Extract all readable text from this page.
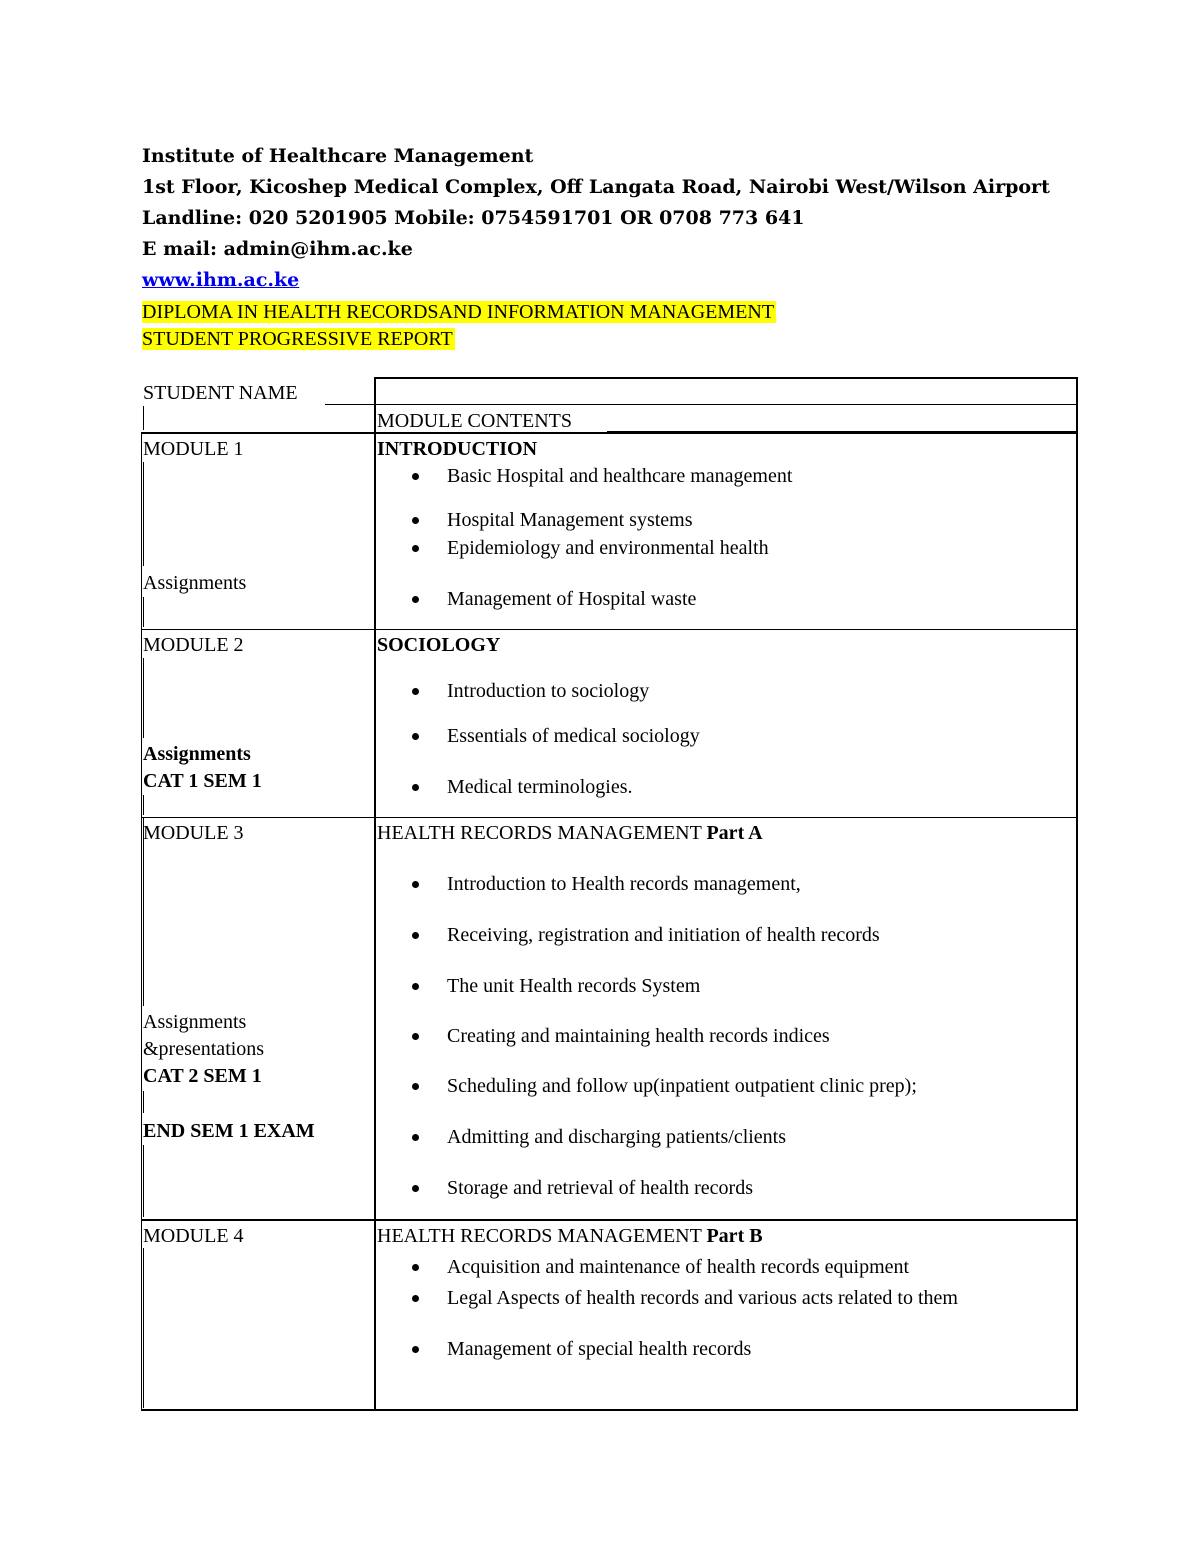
Institute of Healthcare Management
1st Floor, Kicoshep Medical Complex, Off Langata Road, Nairobi West/Wilson Airport
Landline: 020 5201905 Mobile: 0754591701 OR 0708 773 641
E mail: admin@ihm.ac.ke
www.ihm.ac.ke
DIPLOMA IN HEALTH RECORDSAND INFORMATION MANAGEMENT
STUDENT PROGRESSIVE REPORT
STUDENT NAME
MODULE CONTENTS
MODULE 1
Assignments
INTRODUCTION
Basic Hospital and healthcare management
Hospital Management systems
Epidemiology and environmental health
Management of Hospital waste
MODULE 2
Assignments
CAT 1 SEM 1
SOCIOLOGY
Introduction to sociology
Essentials of medical sociology
Medical terminologies.
MODULE 3
Assignments
&presentations
CAT 2 SEM 1
END SEM 1 EXAM
HEALTH RECORDS MANAGEMENT Part A
Introduction to Health records management,
Receiving, registration and initiation of health records
The unit Health records System
Creating and maintaining health records indices
Scheduling and follow up(inpatient outpatient clinic prep);
Admitting and discharging patients/clients
Storage and retrieval of health records
MODULE 4	HEALTH RECORDS MANAGEMENT Part B
Acquisition and maintenance of health records equipment
Legal Aspects of health records and various acts related to them
Management of special health records
